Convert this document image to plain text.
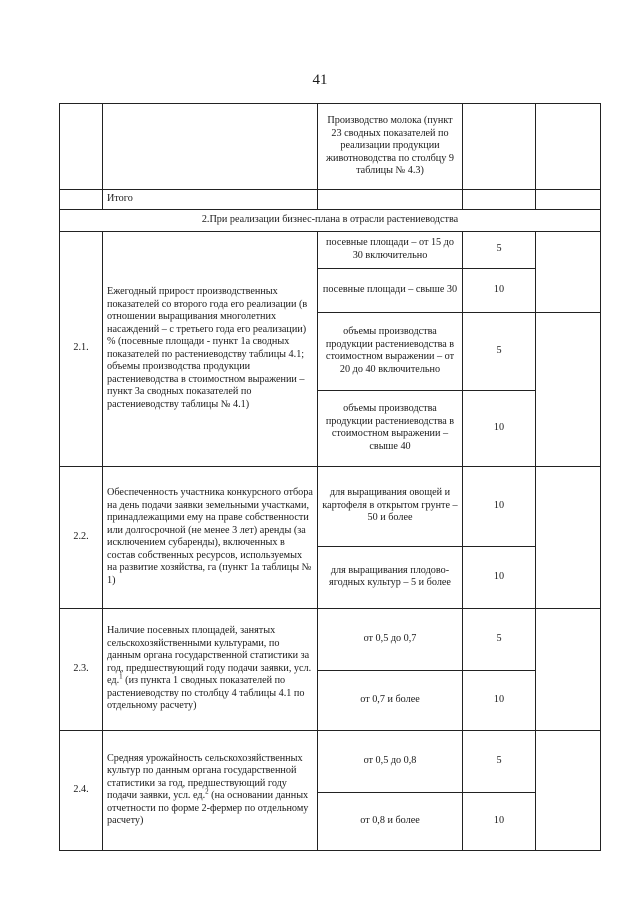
41
		Производство молока (пункт 23 сводных показателей по реализации продукции животноводства по столбцу 9 таблицы № 4.3)		
	Итого			
2.При реализации бизнес-плана в отрасли растениеводства				
2.1.	Ежегодный прирост производственных показателей со второго года его реализации (в отношении выращивания многолетних насаждений – с третьего года его реализации) % (посевные площади - пункт 1а сводных показателей по растениеводству таблицы 4.1; объемы производства продукции растениеводства в стоимостном выражении – пункт 3а сводных показателей по растениеводству таблицы № 4.1)	посевные площади – от 15 до 30 включительно	5	
		посевные площади – свыше 30	10	
		объемы производства продукции растениеводства в стоимостном выражении – от 20 до 40 включительно	5	
		объемы производства продукции растениеводства в стоимостном выражении – свыше 40	10	
2.2.	Обеспеченность участника конкурсного отбора на день подачи заявки земельными участками, принадлежащими ему на праве собственности или долгосрочной (не менее 3 лет) аренды (за исключением субаренды), включенных в состав собственных ресурсов, используемых на развитие хозяйства, га (пункт 1а таблицы № 1)	для выращивания овощей и картофеля в открытом грунте – 50 и более	10	
		для выращивания плодово-ягодных культур – 5 и более	10	
2.3.	Наличие посевных площадей, занятых сельскохозяйственными культурами, по данным органа государственной статистики за год, предшествующий году подачи заявки, усл. ед.$^1$ (из пункта 1 сводных показателей по растениеводству по столбцу 4 таблицы 4.1 по отдельному расчету)	от 0,5 до 0,7	5	
		от 0,7 и более	10	
2.4.	Средняя урожайность сельскохозяйственных культур по данным органа государственной статистики за год, предшествующий году подачи заявки, усл. ед.$^2$ (на основании данных отчетности по форме 2-фермер по отдельному расчету)	от 0,5 до 0,8	5	
		от 0,8 и более	10	
